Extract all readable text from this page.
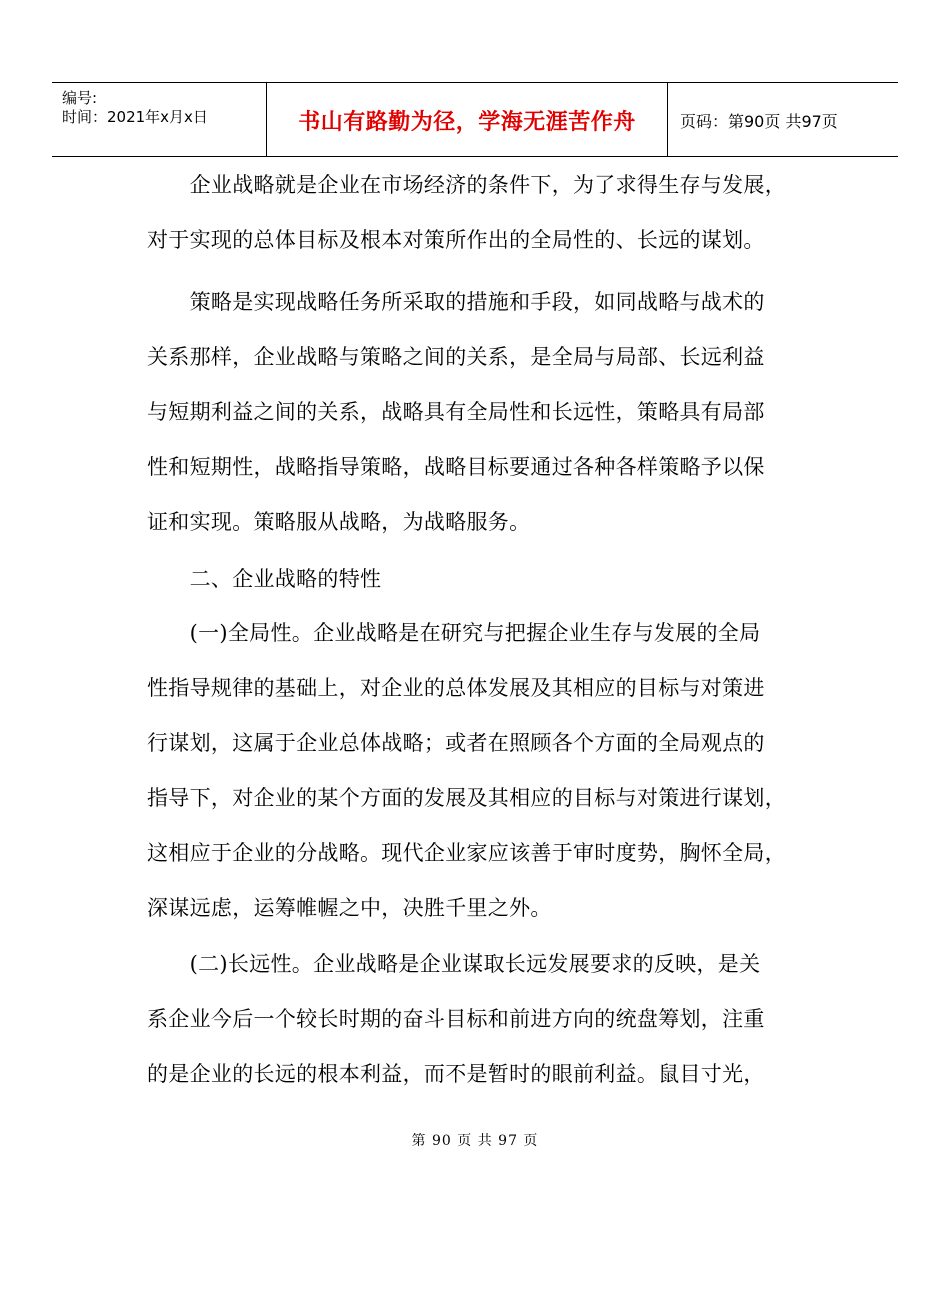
编号:
时间：2021年x月x日	书山有路勤为径，学海无涯苦作舟	页码：第90页 共97页
　　企业战略就是企业在市场经济的条件下，为了求得生存与发展，
对于实现的总体目标及根本对策所作出的全局性的、长远的谋划。
　　策略是实现战略任务所采取的措施和手段，如同战略与战术的
关系那样，企业战略与策略之间的关系，是全局与局部、长远利益
与短期利益之间的关系，战略具有全局性和长远性，策略具有局部
性和短期性，战略指导策略，战略目标要通过各种各样策略予以保
证和实现。策略服从战略，为战略服务。
　　二、企业战略的特性
　　(一)全局性。企业战略是在研究与把握企业生存与发展的全局
性指导规律的基础上，对企业的总体发展及其相应的目标与对策进
行谋划，这属于企业总体战略；或者在照顾各个方面的全局观点的
指导下，对企业的某个方面的发展及其相应的目标与对策进行谋划，
这相应于企业的分战略。现代企业家应该善于审时度势，胸怀全局，
深谋远虑，运筹帷幄之中，决胜千里之外。
　　(二)长远性。企业战略是企业谋取长远发展要求的反映，是关
系企业今后一个较长时期的奋斗目标和前进方向的统盘筹划，注重
的是企业的长远的根本利益，而不是暂时的眼前利益。鼠目寸光，
第 90 页 共 97 页
